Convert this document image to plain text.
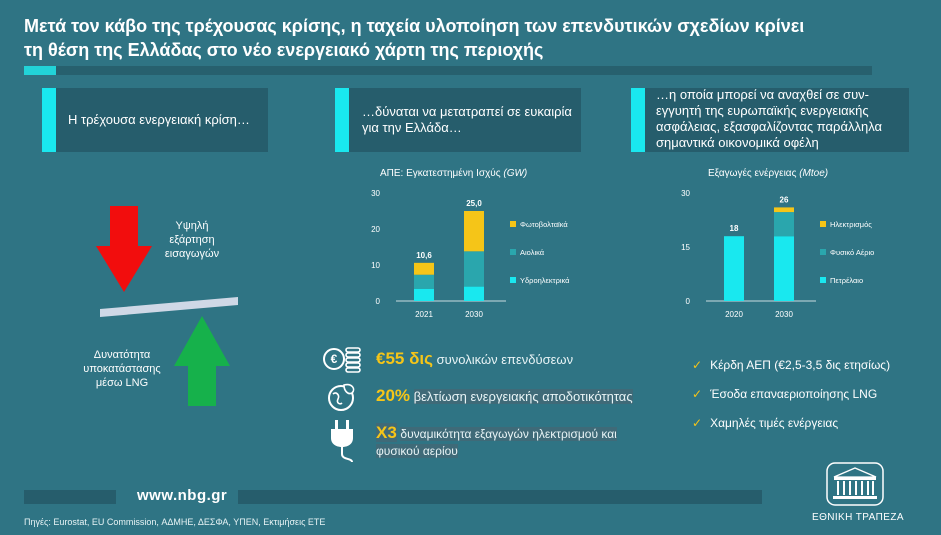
Μετά τον κάβο της τρέχουσας κρίσης, η ταχεία υλοποίηση των επενδυτικών σχεδίων κρίνει
τη θέση της Ελλάδας στο νέο ενεργειακό χάρτη της περιοχής
Η τρέχουσα ενεργειακή κρίση…
…δύναται να μετατραπεί σε ευκαιρία για την Ελλάδα…
…η οποία μπορεί να αναχθεί σε συν-εγγυητή της ευρωπαϊκής ενεργειακής ασφάλειας, εξασφαλίζοντας παράλληλα σημαντικά οικονομικά οφέλη
Υψηλή εξάρτηση εισαγωγών
Δυνατότητα υποκατάστασης μέσω LNG
ΑΠΕ: Εγκατεστημένη Ισχύς (GW)
0
10
20
30
10,6
2021
25,0
2030
Φωτοβολταϊκά
Αιολικά
Υδροηλεκτρικά
Εξαγωγές ενέργειας (Mtoe)
0
15
30
18
2020
26
2030
Ηλεκτρισμός
Φυσικό Αέριο
Πετρέλαιο
€ €55 δις συνολικών επενδύσεων
20% βελτίωση ενεργειακής αποδοτικότητας
Χ3 δυναμικότητα εξαγωγών ηλεκτρισμού και
φυσικού αερίου
✓ Κέρδη ΑΕΠ (€2,5-3,5 δις ετησίως)
✓ Έσοδα επαναεριοποίησης LNG
✓ Χαμηλές τιμές ενέργειας
www.nbg.gr
Πηγές: Eurostat, EU Commission, ΑΔΜΗΕ, ΔΕΣΦΑ, ΥΠΕΝ, Εκτιμήσεις ΕΤΕ	ΕΘΝΙΚΗ ΤΡΑΠΕΖΑ
